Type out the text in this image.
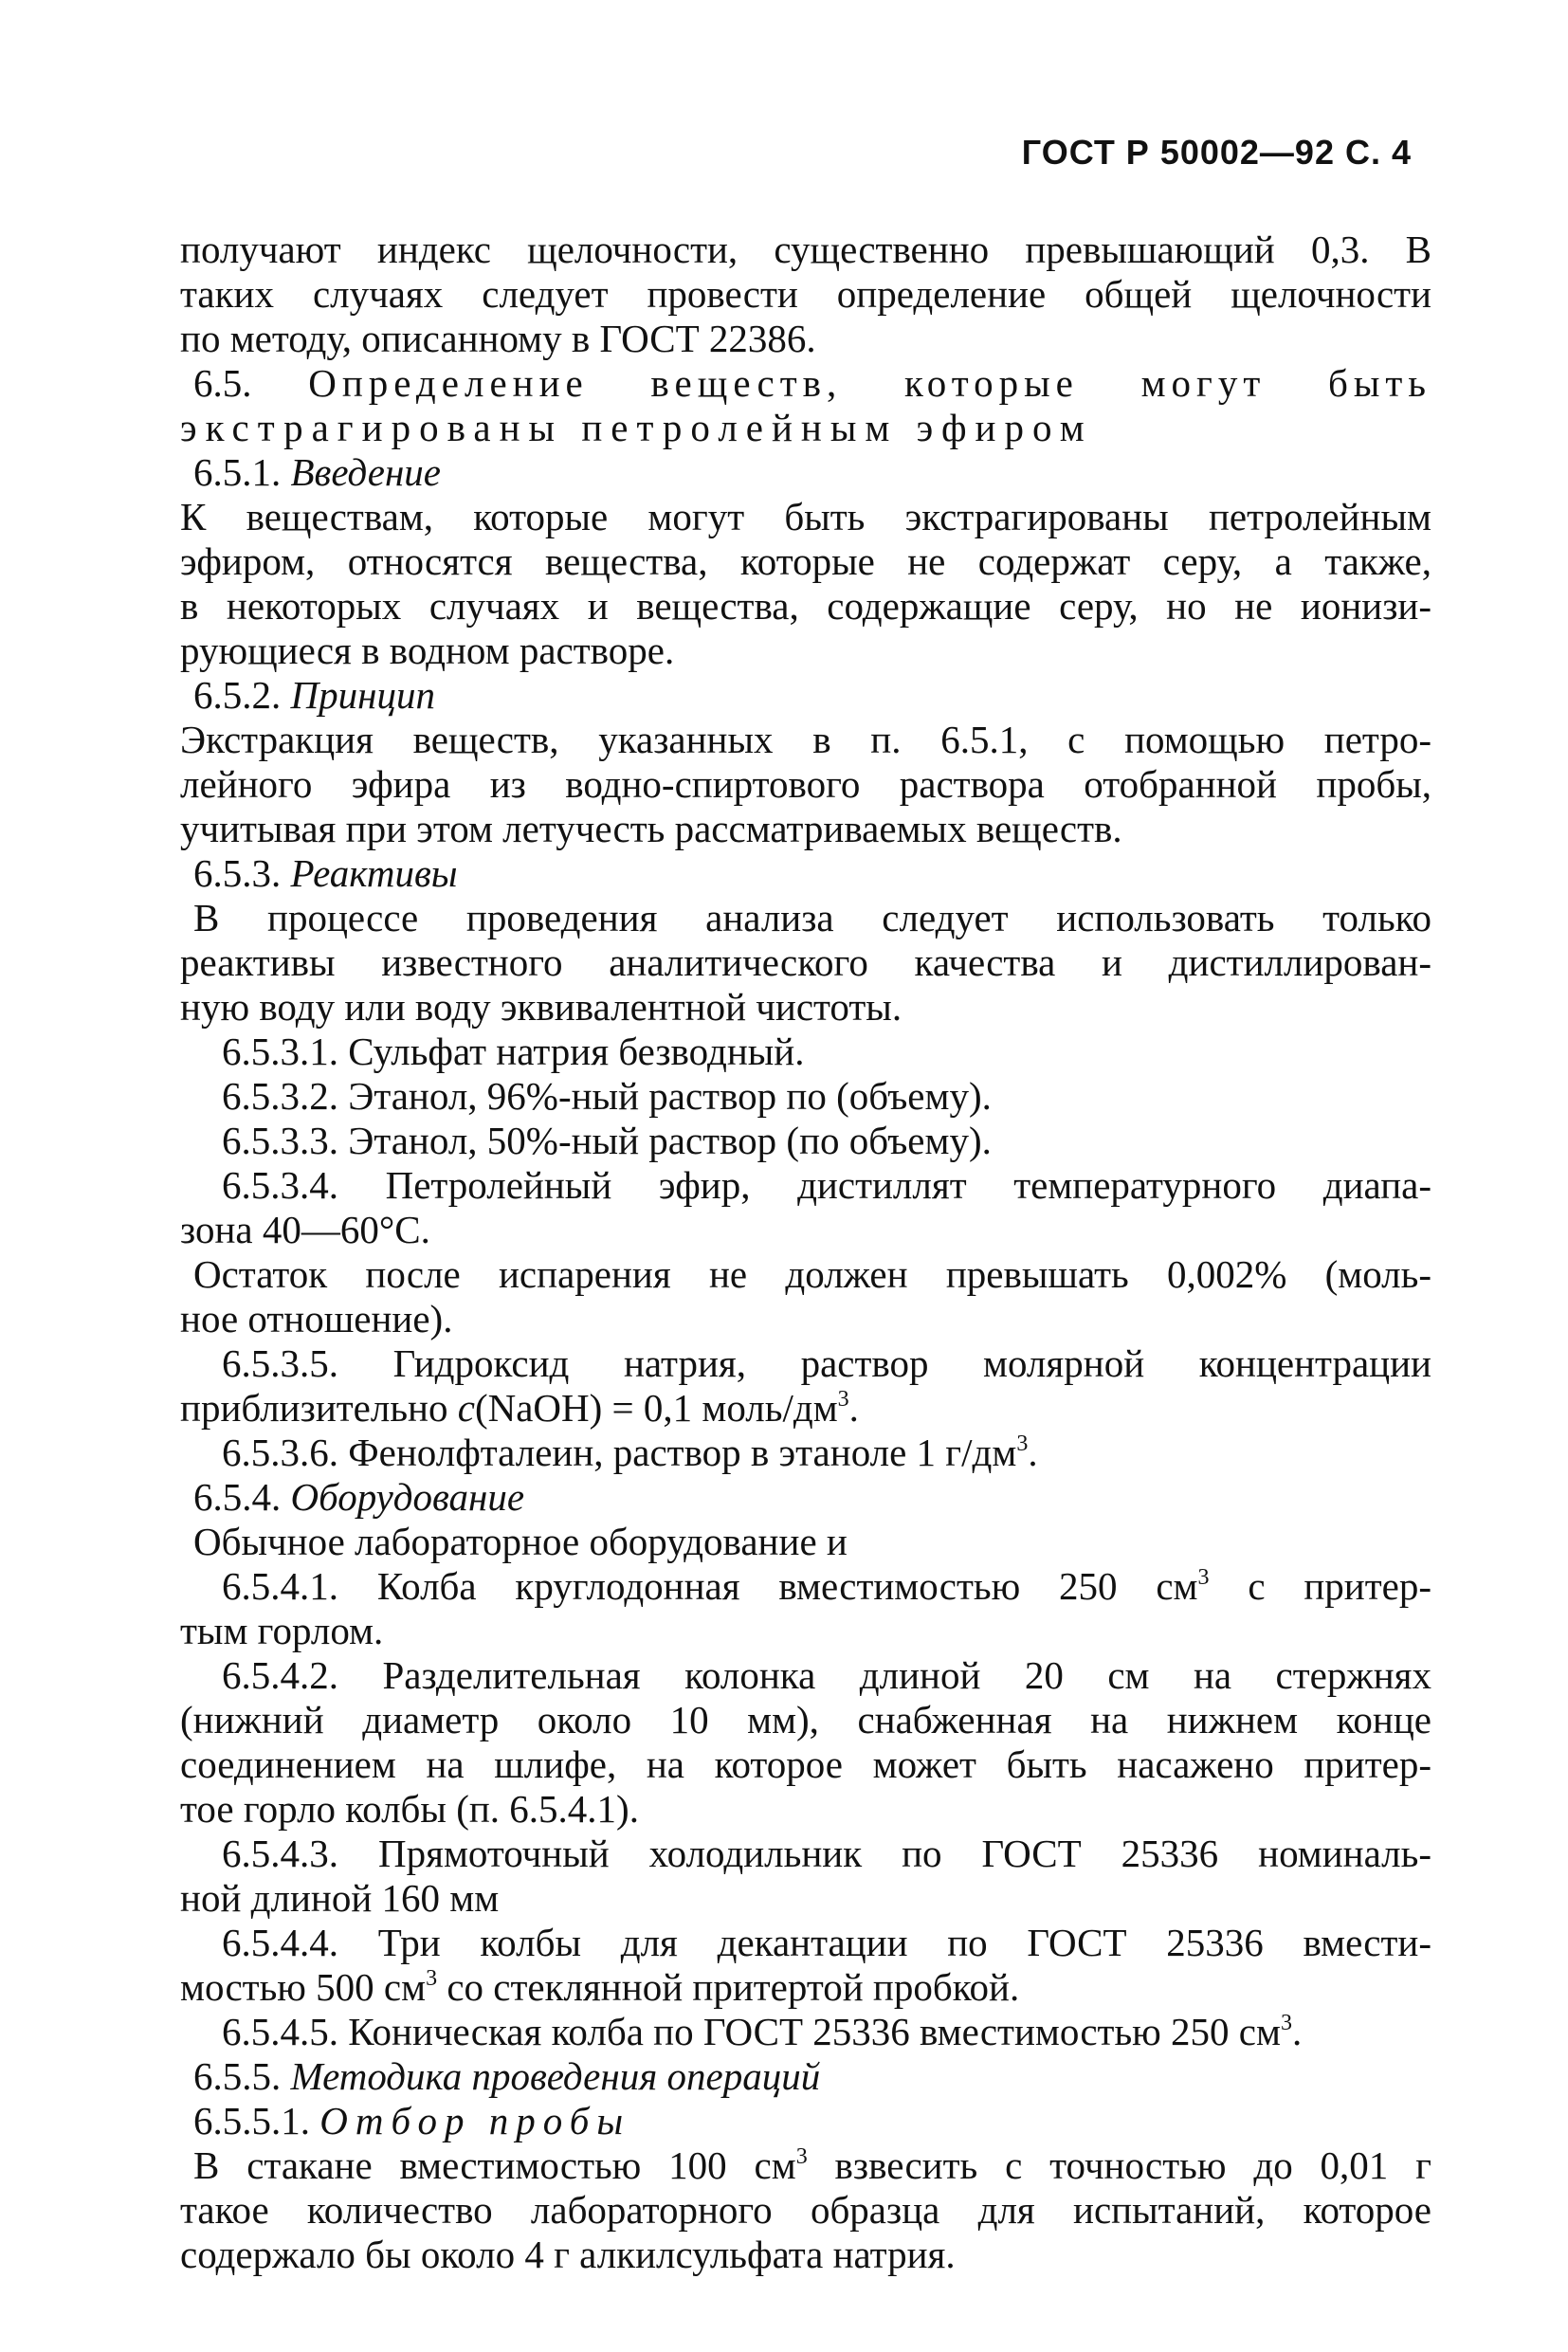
ГОСТ Р 50002—92 С. 4

получают индекс щелочности, существенно превышающий 0,3. В

таких случаях следует провести определение общей щелочности

по методу, описанному в ГОСТ 22386.

6.5. Определение веществ, которые могут быть

экстрагированы петролейным эфиром

6.5.1. Введение

К веществам, которые могут быть экстрагированы петролейным

эфиром, относятся вещества, которые не содержат серу, а также,

в некоторых случаях и вещества, содержащие серу, но не ионизи-

рующиеся в водном растворе.

6.5.2. Принцип

Экстракция веществ, указанных в п. 6.5.1, с помощью петро-

лейного эфира из водно-спиртового раствора отобранной пробы,

учитывая при этом летучесть рассматриваемых веществ.

6.5.3. Реактивы

В процессе проведения анализа следует использовать только

реактивы известного аналитического качества и дистиллирован-

ную воду или воду эквивалентной чистоты.

6.5.3.1. Сульфат натрия безводный.

6.5.3.2. Этанол, 96%-ный раствор по (объему).

6.5.3.3. Этанол, 50%-ный раствор (по объему).

6.5.3.4. Петролейный эфир, дистиллят температурного диапа-

зона 40—60°С.

Остаток после испарения не должен превышать 0,002% (моль-

ное отношение).

6.5.3.5. Гидроксид натрия, раствор молярной концентрации

приблизительно c(NaOH) = 0,1 моль/$дм^3$.

6.5.3.6. Фенолфталеин, раствор в этаноле 1 $г/дм^3$.

6.5.4. Оборудование

Обычное лабораторное оборудование и

6.5.4.1. Колба круглодонная вместимостью 250 $см^3$ с притер-

тым горлом.

6.5.4.2. Разделительная колонка длиной 20 см на стержнях

(нижний диаметр около 10 мм), снабженная на нижнем конце

соединением на шлифе, на которое может быть насажено притер-

тое горло колбы (п. 6.5.4.1).

6.5.4.3. Прямоточный холодильник по ГОСТ 25336 номиналь-

ной длиной 160 мм

6.5.4.4. Три колбы для декантации по ГОСТ 25336 вмести-

мостью 500 $см^3$ со стеклянной притертой пробкой.

6.5.4.5. Коническая колба по ГОСТ 25336 вместимостью 250 $см^3$.

6.5.5. Методика проведения операций

6.5.5.1. Отбор пробы

В стакане вместимостью 100 $см^3$ взвесить с точностью до 0,01 г

такое количество лабораторного образца для испытаний, которое

содержало бы около 4 г алкилсульфата натрия.
